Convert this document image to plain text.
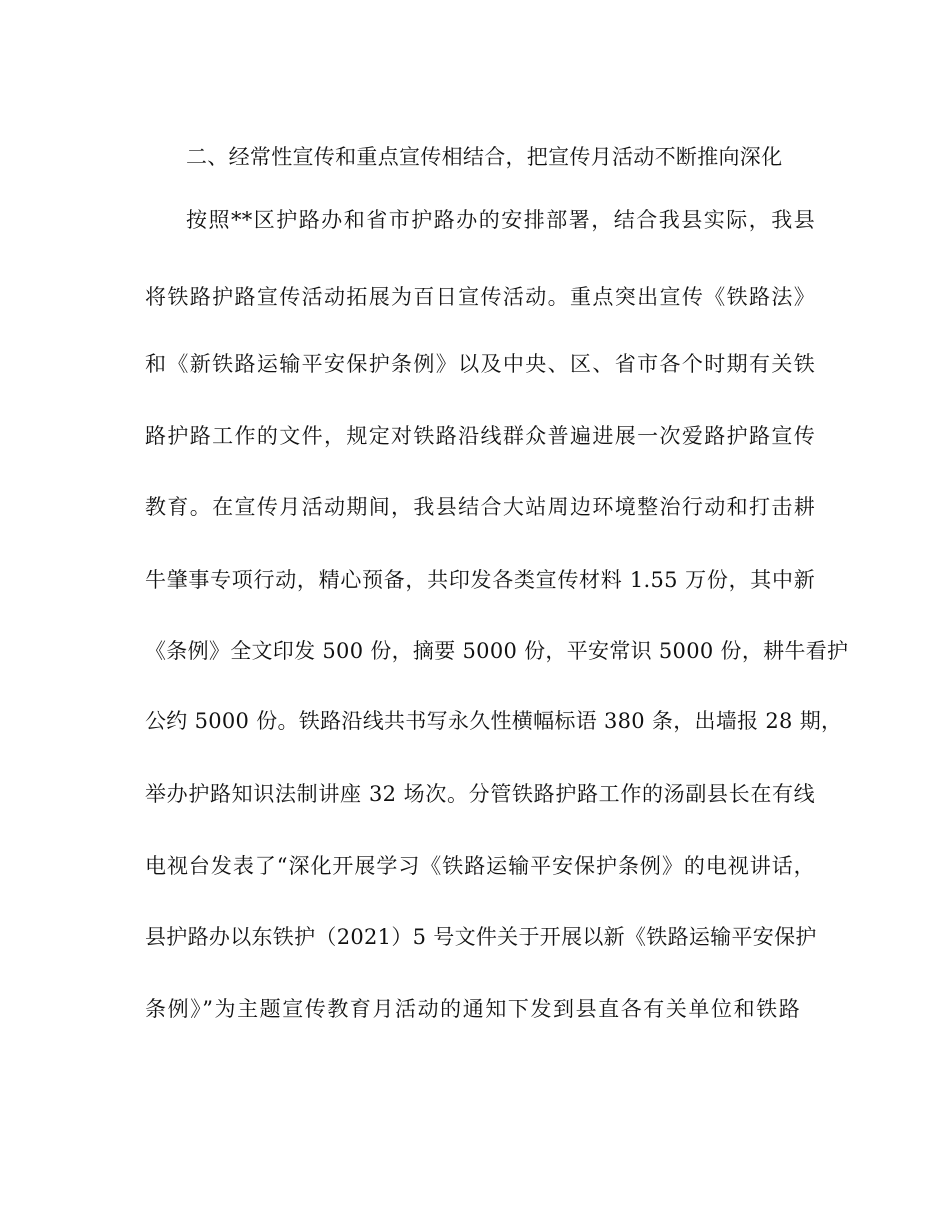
二、经常性宣传和重点宣传相结合，把宣传月活动不断推向深化

按照**区护路办和省市护路办的安排部署，结合我县实际，我县

将铁路护路宣传活动拓展为百日宣传活动。重点突出宣传《铁路法》

和《新铁路运输平安保护条例》以及中央、区、省市各个时期有关铁

路护路工作的文件，规定对铁路沿线群众普遍进展一次爱路护路宣传

教育。在宣传月活动期间，我县结合大站周边环境整治行动和打击耕

牛肇事专项行动，精心预备，共印发各类宣传材料 1.55 万份，其中新

《条例》全文印发 500 份，摘要 5000 份，平安常识 5000 份，耕牛看护

公约 5000 份。铁路沿线共书写永久性横幅标语 380 条，出墙报 28 期，

举办护路知识法制讲座 32 场次。分管铁路护路工作的汤副县长在有线

电视台发表了“深化开展学习《铁路运输平安保护条例》的电视讲话，

县护路办以东铁护（2021）5 号文件关于开展以新《铁路运输平安保护

条例》”为主题宣传教育月活动的通知下发到县直各有关单位和铁路
